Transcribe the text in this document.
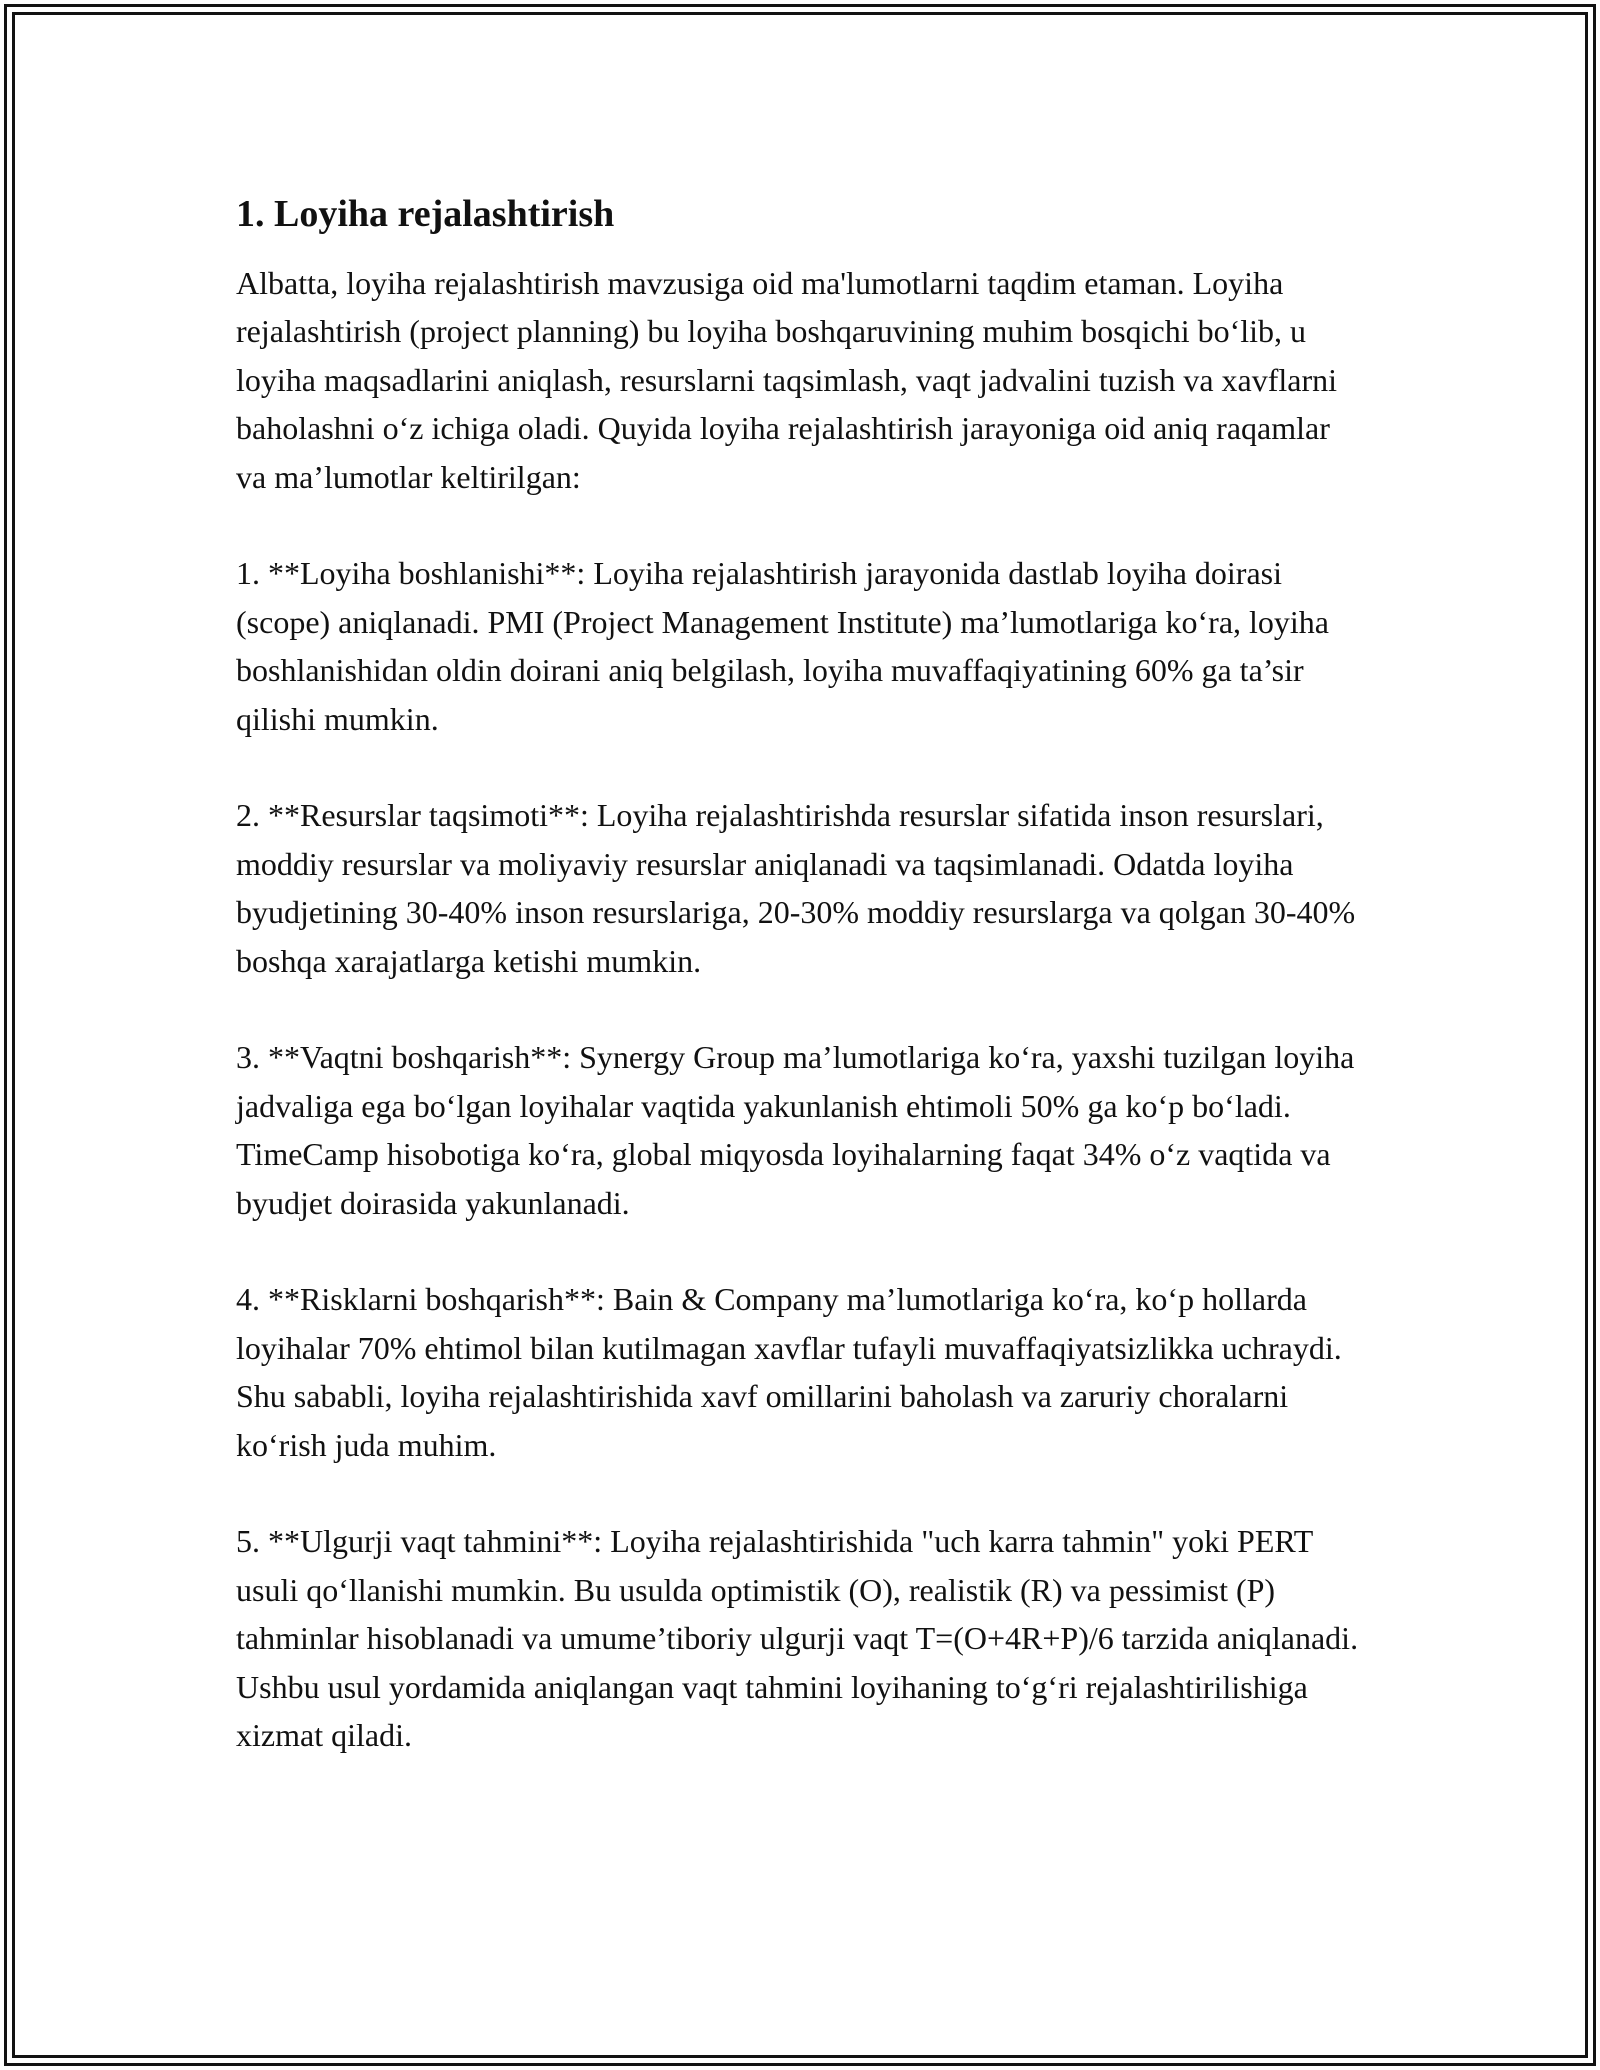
1. Loyiha rejalashtirish

Albatta, loyiha rejalashtirish mavzusiga oid ma'lumotlarni taqdim etaman. Loyiha rejalashtirish (project planning) bu loyiha boshqaruvining muhim bosqichi bo‘lib, u loyiha maqsadlarini aniqlash, resurslarni taqsimlash, vaqt jadvalini tuzish va xavflarni baholashni o‘z ichiga oladi. Quyida loyiha rejalashtirish jarayoniga oid aniq raqamlar va ma’lumotlar keltirilgan:

1. **Loyiha boshlanishi**: Loyiha rejalashtirish jarayonida dastlab loyiha doirasi (scope) aniqlanadi. PMI (Project Management Institute) ma’lumotlariga ko‘ra, loyiha boshlanishidan oldin doirani aniq belgilash, loyiha muvaffaqiyatining 60% ga ta’sir qilishi mumkin.

2. **Resurslar taqsimoti**: Loyiha rejalashtirishda resurslar sifatida inson resurslari, moddiy resurslar va moliyaviy resurslar aniqlanadi va taqsimlanadi. Odatda loyiha byudjetining 30-40% inson resurslariga, 20-30% moddiy resurslarga va qolgan 30-40% boshqa xarajatlarga ketishi mumkin.

3. **Vaqtni boshqarish**: Synergy Group ma’lumotlariga ko‘ra, yaxshi tuzilgan loyiha jadvaliga ega bo‘lgan loyihalar vaqtida yakunlanish ehtimoli 50% ga ko‘p bo‘ladi. TimeCamp hisobotiga ko‘ra, global miqyosda loyihalarning faqat 34% o‘z vaqtida va byudjet doirasida yakunlanadi.

4. **Risklarni boshqarish**: Bain & Company ma’lumotlariga ko‘ra, ko‘p hollarda loyihalar 70% ehtimol bilan kutilmagan xavflar tufayli muvaffaqiyatsizlikka uchraydi. Shu sababli, loyiha rejalashtirishida xavf omillarini baholash va zaruriy choralarni ko‘rish juda muhim.

5. **Ulgurji vaqt tahmini**: Loyiha rejalashtirishida "uch karra tahmin" yoki PERT usuli qo‘llanishi mumkin. Bu usulda optimistik (O), realistik (R) va pessimist (P) tahminlar hisoblanadi va umume’tiboriy ulgurji vaqt T=(O+4R+P)/6 tarzida aniqlanadi. Ushbu usul yordamida aniqlangan vaqt tahmini loyihaning to‘g‘ri rejalashtirilishiga xizmat qiladi.
